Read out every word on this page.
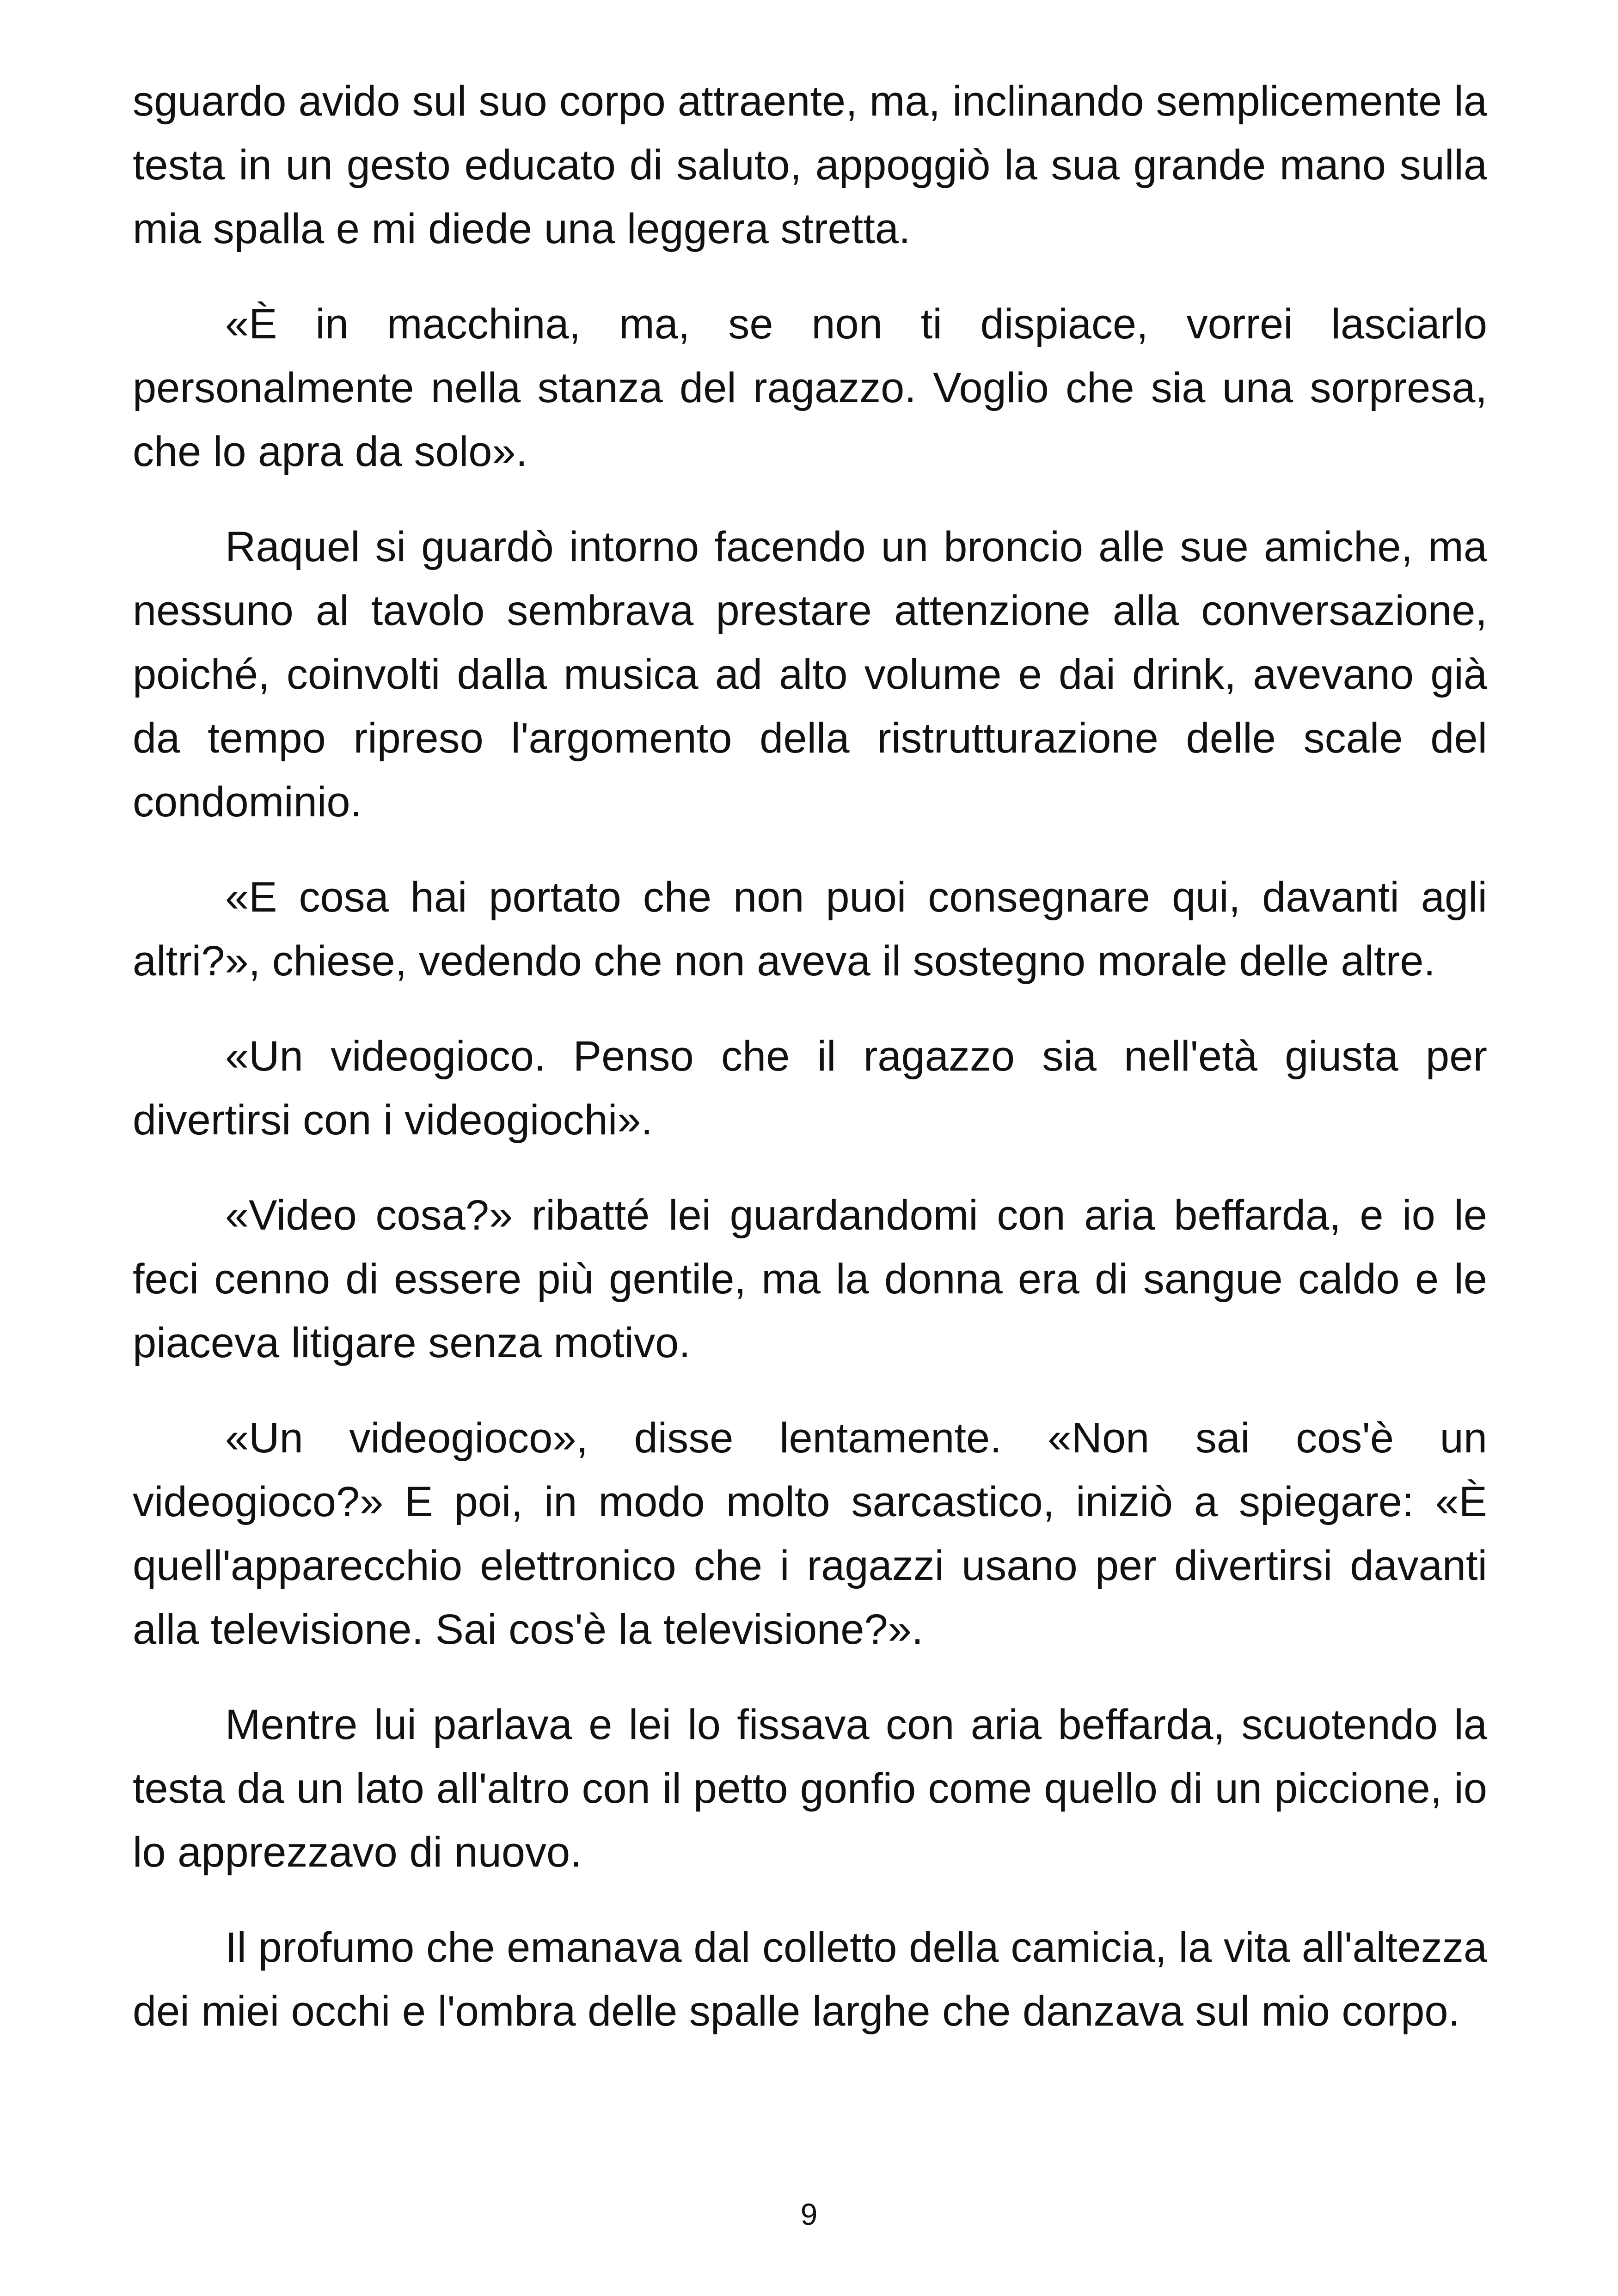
sguardo avido sul suo corpo attraente, ma, inclinando semplicemente la testa in un gesto educato di saluto, appoggiò la sua grande mano sulla mia spalla e mi diede una leggera stretta.

«È in macchina, ma, se non ti dispiace, vorrei lasciarlo personalmente nella stanza del ragazzo. Voglio che sia una sorpresa, che lo apra da solo».

Raquel si guardò intorno facendo un broncio alle sue amiche, ma nessuno al tavolo sembrava prestare attenzione alla conversazione, poiché, coinvolti dalla musica ad alto volume e dai drink, avevano già da tempo ripreso l'argomento della ristrutturazione delle scale del condominio.

«E cosa hai portato che non puoi consegnare qui, davanti agli altri?», chiese, vedendo che non aveva il sostegno morale delle altre.

«Un videogioco. Penso che il ragazzo sia nell'età giusta per divertirsi con i videogiochi».

«Video cosa?» ribatté lei guardandomi con aria beffarda, e io le feci cenno di essere più gentile, ma la donna era di sangue caldo e le piaceva litigare senza motivo.

«Un videogioco», disse lentamente. «Non sai cos'è un videogioco?» E poi, in modo molto sarcastico, iniziò a spiegare: «È quell'apparecchio elettronico che i ragazzi usano per divertirsi davanti alla televisione. Sai cos'è la televisione?».

Mentre lui parlava e lei lo fissava con aria beffarda, scuotendo la testa da un lato all'altro con il petto gonfio come quello di un piccione, io lo apprezzavo di nuovo.

Il profumo che emanava dal colletto della camicia, la vita all'altezza dei miei occhi e l'ombra delle spalle larghe che danzava sul mio corpo.

9
